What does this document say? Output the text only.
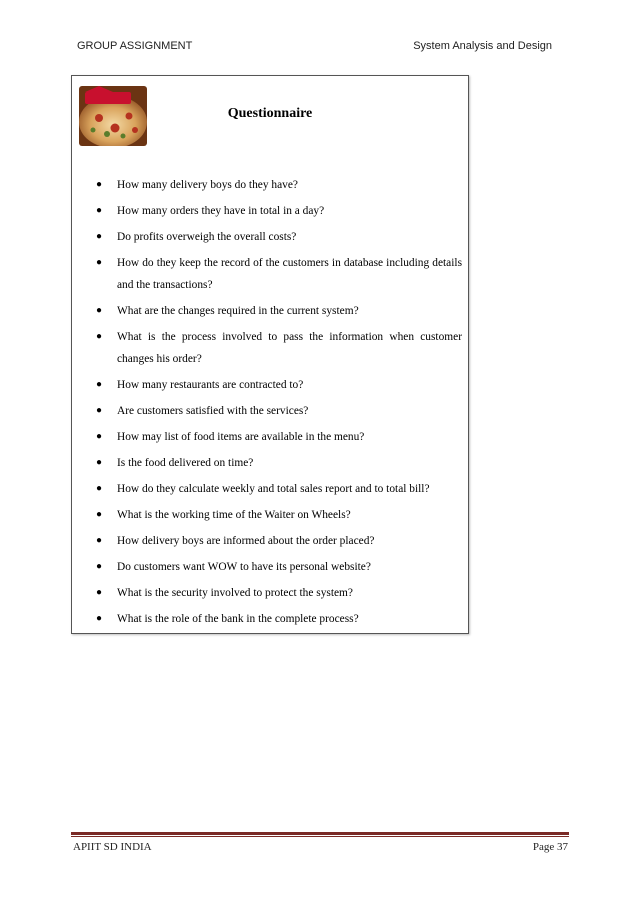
GROUP ASSIGNMENT	System Analysis and Design
Questionnaire
● How many delivery boys do they have?
● How many orders they have in total in a day?
● Do profits overweigh the overall costs?
● How do they keep the record of the customers in database including details and the transactions?
● What are the changes required in the current system?
● What is the process involved to pass the information when customer changes his order?
● How many restaurants are contracted to?
● Are customers satisfied with the services?
● How may list of food items are available in the menu?
● Is the food delivered on time?
● How do they calculate weekly and total sales report and to total bill?
● What is the working time of the Waiter on Wheels?
● How delivery boys are informed about the order placed?
● Do customers want WOW to have its personal website?
● What is the security involved to protect the system?
● What is the role of the bank in the complete process?
APIIT SD INDIA	Page 37
